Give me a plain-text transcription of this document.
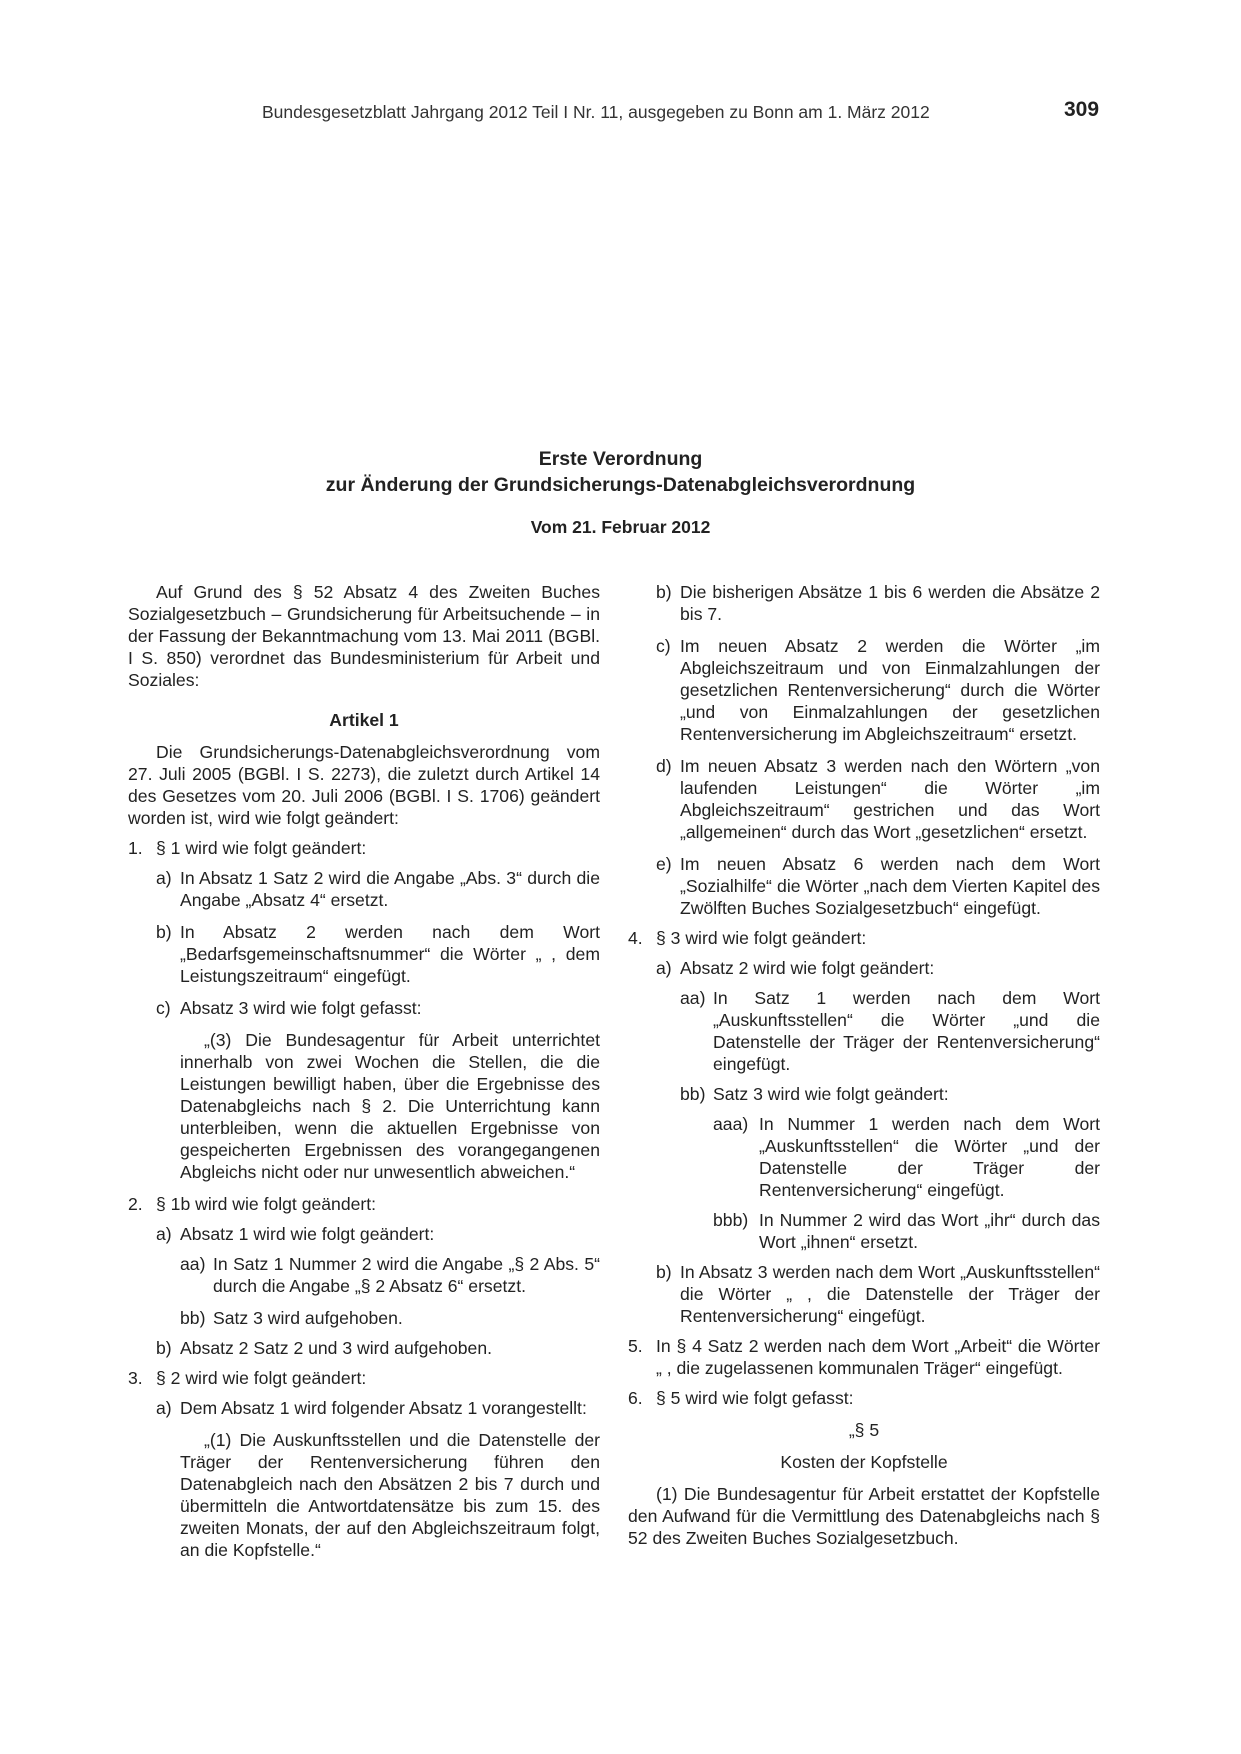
Bundesgesetzblatt Jahrgang 2012 Teil I Nr. 11, ausgegeben zu Bonn am 1. März 2012	309
Erste Verordnung
zur Änderung der Grundsicherungs-Datenabgleichsverordnung
Vom 21. Februar 2012

Auf Grund des § 52 Absatz 4 des Zweiten Buches Sozialgesetzbuch – Grundsicherung für Arbeitsuchende – in der Fassung der Bekanntmachung vom 13. Mai 2011 (BGBl. I S. 850) verordnet das Bundesministerium für Arbeit und Soziales:

Artikel 1

Die Grundsicherungs-Datenabgleichsverordnung vom 27. Juli 2005 (BGBl. I S. 2273), die zuletzt durch Artikel 14 des Gesetzes vom 20. Juli 2006 (BGBl. I S. 1706) geändert worden ist, wird wie folgt geändert:

1. § 1 wird wie folgt geändert:
a) In Absatz 1 Satz 2 wird die Angabe „Abs. 3“ durch die Angabe „Absatz 4“ ersetzt.
b) In Absatz 2 werden nach dem Wort „Bedarfsgemeinschaftsnummer“ die Wörter „ , dem Leistungszeitraum“ eingefügt.
c) Absatz 3 wird wie folgt gefasst:

„(3) Die Bundesagentur für Arbeit unterrichtet innerhalb von zwei Wochen die Stellen, die die Leistungen bewilligt haben, über die Ergebnisse des Datenabgleichs nach § 2. Die Unterrichtung kann unterbleiben, wenn die aktuellen Ergebnisse von gespeicherten Ergebnissen des vorangegangenen Abgleichs nicht oder nur unwesentlich abweichen.“

2. § 1b wird wie folgt geändert:
a) Absatz 1 wird wie folgt geändert:
aa) In Satz 1 Nummer 2 wird die Angabe „§ 2 Abs. 5“ durch die Angabe „§ 2 Absatz 6“ ersetzt.
bb) Satz 3 wird aufgehoben.
b) Absatz 2 Satz 2 und 3 wird aufgehoben.
3. § 2 wird wie folgt geändert:
a) Dem Absatz 1 wird folgender Absatz 1 vorangestellt:

„(1) Die Auskunftsstellen und die Datenstelle der Träger der Rentenversicherung führen den Datenabgleich nach den Absätzen 2 bis 7 durch und übermitteln die Antwortdatensätze bis zum 15. des zweiten Monats, der auf den Abgleichszeitraum folgt, an die Kopfstelle.“

b) Die bisherigen Absätze 1 bis 6 werden die Absätze 2 bis 7.
c) Im neuen Absatz 2 werden die Wörter „im Abgleichszeitraum und von Einmalzahlungen der gesetzlichen Rentenversicherung“ durch die Wörter „und von Einmalzahlungen der gesetzlichen Rentenversicherung im Abgleichszeitraum“ ersetzt.
d) Im neuen Absatz 3 werden nach den Wörtern „von laufenden Leistungen“ die Wörter „im Abgleichszeitraum“ gestrichen und das Wort „allgemeinen“ durch das Wort „gesetzlichen“ ersetzt.
e) Im neuen Absatz 6 werden nach dem Wort „Sozialhilfe“ die Wörter „nach dem Vierten Kapitel des Zwölften Buches Sozialgesetzbuch“ eingefügt.
4. § 3 wird wie folgt geändert:
a) Absatz 2 wird wie folgt geändert:
aa) In Satz 1 werden nach dem Wort „Auskunftsstellen“ die Wörter „und die Datenstelle der Träger der Rentenversicherung“ eingefügt.
bb) Satz 3 wird wie folgt geändert:
aaa) In Nummer 1 werden nach dem Wort „Auskunftsstellen“ die Wörter „und der Datenstelle der Träger der Rentenversicherung“ eingefügt.
bbb) In Nummer 2 wird das Wort „ihr“ durch das Wort „ihnen“ ersetzt.
b) In Absatz 3 werden nach dem Wort „Auskunftsstellen“ die Wörter „ , die Datenstelle der Träger der Rentenversicherung“ eingefügt.
5. In § 4 Satz 2 werden nach dem Wort „Arbeit“ die Wörter „ , die zugelassenen kommunalen Träger“ eingefügt.
6. § 5 wird wie folgt gefasst:
„§ 5
Kosten der Kopfstelle

(1) Die Bundesagentur für Arbeit erstattet der Kopfstelle den Aufwand für die Vermittlung des Datenabgleichs nach § 52 des Zweiten Buches Sozialgesetzbuch.
